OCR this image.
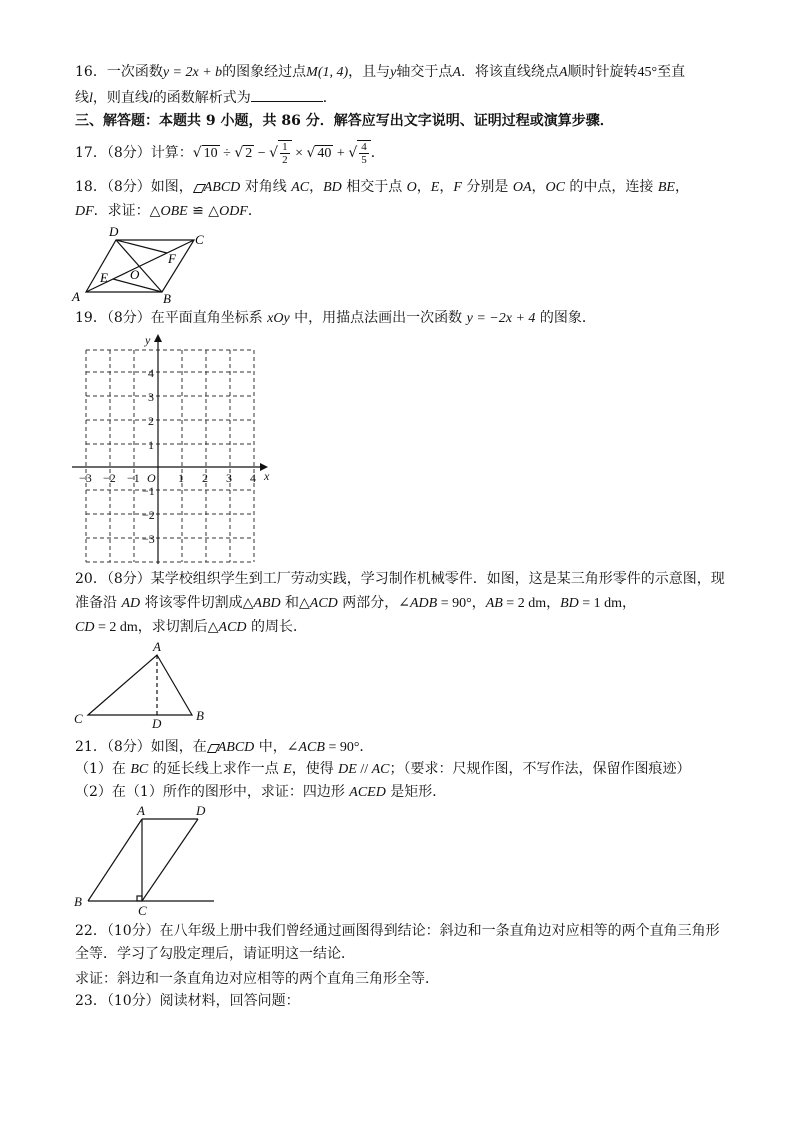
16．一次函数y = 2x + b的图象经过点M(1, 4)，且与y轴交于点A．将该直线绕点A顺时针旋转45°至直
线l，则直线l的函数解析式为	．
三、解答题：本题共 9 小题，共 86 分．解答应写出文字说明、证明过程或演算步骤．
17．（8分）计算：√ 10 ÷ √ 2 − √ $\frac{1}{2}$ × √ 40 + √ $\frac{4}{5}$ ．
18．（8分）如图， ABCD 对角线 AC，BD 相交于点 O，E，F 分别是 OA，OC 的中点，连接 BE，
DF．求证：△OBE ≌ △ODF．
A	B
C
D
E
F
O
19．（8分）在平面直角坐标系 xOy 中，用描点法画出一次函数 y = −2x + 4 的图象．
−3 −2 −1 O 1 2 3 4 x
y
4
3
2
1
−1
−2
−3
20．（8分）某学校组织学生到工厂劳动实践，学习制作机械零件．如图，这是某三角形零件的示意图，现
准备沿 AD 将该零件切割成△ABD 和△ACD 两部分，∠ADB = 90°，AB = 2 dm，BD = 1 dm，
CD = 2 dm，求切割后△ACD 的周长．
A
B
C	D
21．（8分）如图，在 ABCD 中，∠ACB = 90°．
（1）在 BC 的延长线上求作一点 E，使得 DE // AC；（要求：尺规作图，不写作法，保留作图痕迹）
（2）在（1）所作的图形中，求证：四边形 ACED 是矩形．
A	D
B
C
22．（10分）在八年级上册中我们曾经通过画图得到结论：斜边和一条直角边对应相等的两个直角三角形
全等．学习了勾股定理后，请证明这一结论．
求证：斜边和一条直角边对应相等的两个直角三角形全等．
23．（10分）阅读材料，回答问题：
